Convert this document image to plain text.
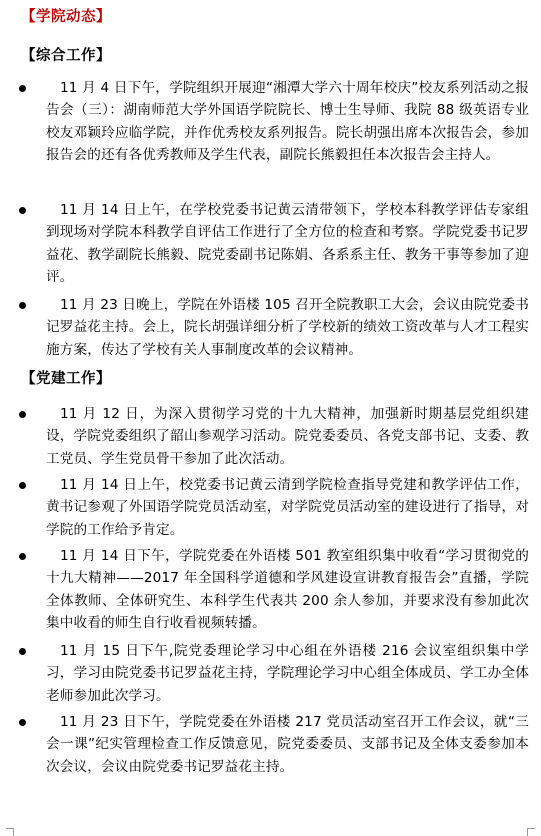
【学院动态】
【综合工作】
11 月 4 日下午，学院组织开展迎“湘潭大学六十周年校庆”校友系列活动之报告会（三）：湖南师范大学外国语学院院长、博士生导师、我院 88 级英语专业校友邓颖玲应临学院，并作优秀校友系列报告。院长胡强出席本次报告会，参加报告会的还有各优秀教师及学生代表，副院长熊毅担任本次报告会主持人。
11 月 14 日上午，在学校党委书记黄云清带领下，学校本科教学评估专家组到现场对学院本科教学自评估工作进行了全方位的检查和考察。学院党委书记罗益花、教学副院长熊毅、院党委副书记陈娟、各系系主任、教务干事等参加了迎评。
11 月 23 日晚上，学院在外语楼 105 召开全院教职工大会，会议由院党委书记罗益花主持。会上，院长胡强详细分析了学校新的绩效工资改革与人才工程实施方案，传达了学校有关人事制度改革的会议精神。
【党建工作】
11 月 12 日，为深入贯彻学习党的十九大精神，加强新时期基层党组织建设，学院党委组织了韶山参观学习活动。院党委委员、各党支部书记、支委、教工党员、学生党员骨干参加了此次活动。
11 月 14 日上午，校党委书记黄云清到学院检查指导党建和教学评估工作，黄书记参观了外国语学院党员活动室，对学院党员活动室的建设进行了指导，对学院的工作给予肯定。
11 月 14 日下午，学院党委在外语楼 501 教室组织集中收看“学习贯彻党的十九大精神——2017 年全国科学道德和学风建设宣讲教育报告会”直播，学院全体教师、全体研究生、本科学生代表共 200 余人参加，并要求没有参加此次集中收看的师生自行收看视频转播。
11 月 15 日下午,院党委理论学习中心组在外语楼 216 会议室组织集中学习，学习由院党委书记罗益花主持，学院理论学习中心组全体成员、学工办全体老师参加此次学习。
11 月 23 日下午，学院党委在外语楼 217 党员活动室召开工作会议，就“三会一课”纪实管理检查工作反馈意见，院党委委员、支部书记及全体支委参加本次会议，会议由院党委书记罗益花主持。
